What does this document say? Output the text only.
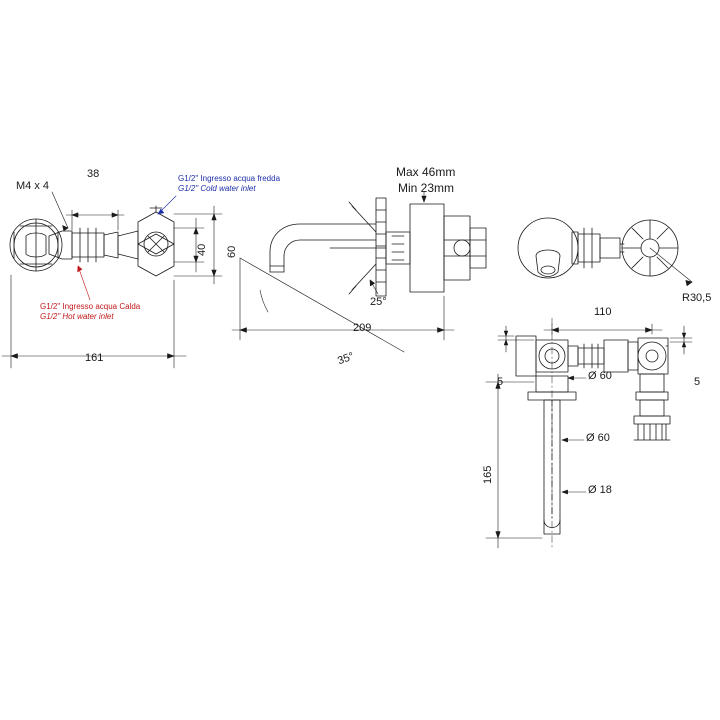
M4 x 4
38	G1/2" Ingresso acqua fredda
G1/2" Cold water inlet
G1/2" Ingresso acqua Calda
G1/2" Hot water inlet
40 60
161
Max 46mm
Min 23mm
25°
209
35°
R30,5
110
5	5
Ø 60
Ø 60
Ø 18
165
